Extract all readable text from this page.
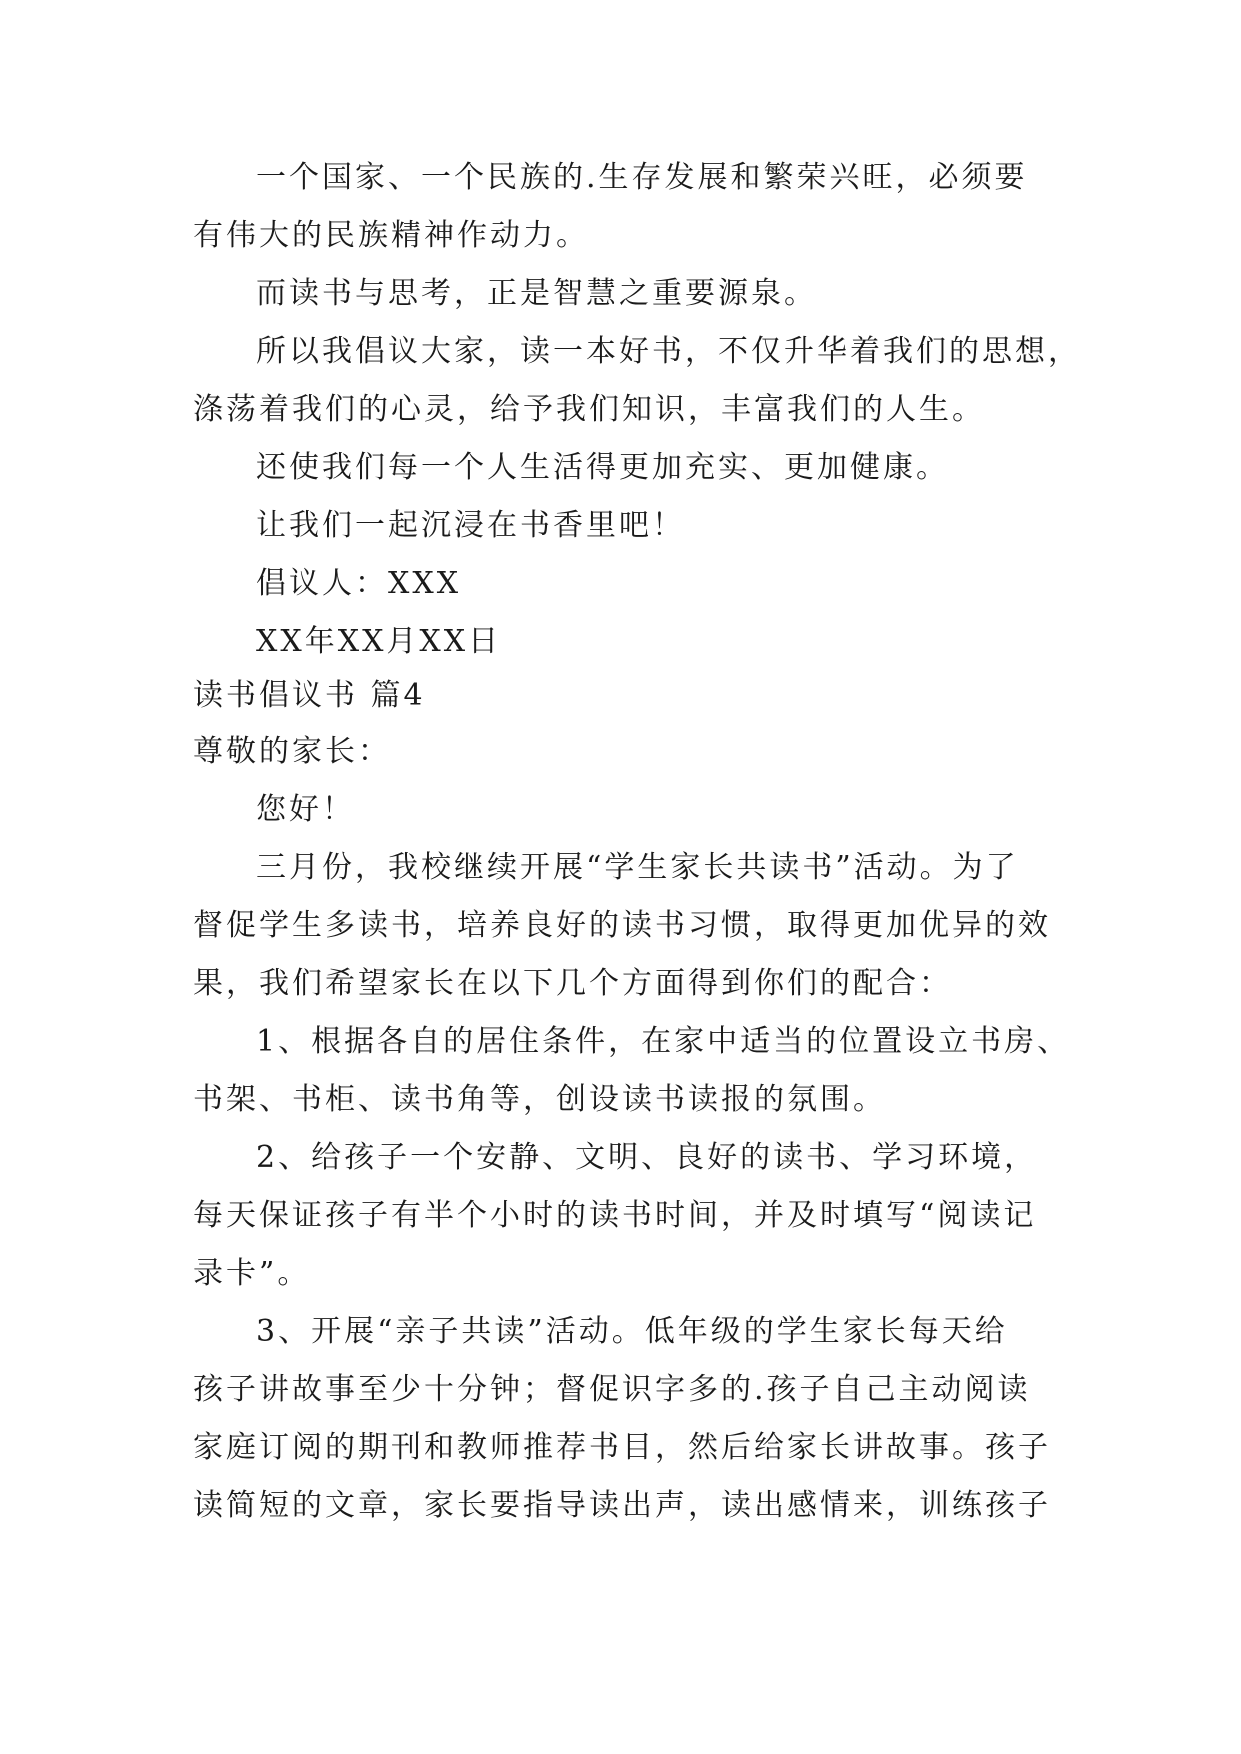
一个国家、一个民族的.生存发展和繁荣兴旺，必须要
有伟大的民族精神作动力。
而读书与思考，正是智慧之重要源泉。
所以我倡议大家，读一本好书，不仅升华着我们的思想，
涤荡着我们的心灵，给予我们知识，丰富我们的人生。
还使我们每一个人生活得更加充实、更加健康。
让我们一起沉浸在书香里吧！
倡议人：XXX
XX年XX月XX日
读书倡议书 篇4
尊敬的家长：
您好！
三月份，我校继续开展“学生家长共读书”活动。为了
督促学生多读书，培养良好的读书习惯，取得更加优异的效
果，我们希望家长在以下几个方面得到你们的配合：
1、根据各自的居住条件，在家中适当的位置设立书房、
书架、书柜、读书角等，创设读书读报的氛围。
2、给孩子一个安静、文明、良好的读书、学习环境，
每天保证孩子有半个小时的读书时间，并及时填写“阅读记
录卡”。
3、开展“亲子共读”活动。低年级的学生家长每天给
孩子讲故事至少十分钟；督促识字多的.孩子自己主动阅读
家庭订阅的期刊和教师推荐书目，然后给家长讲故事。孩子
读简短的文章，家长要指导读出声，读出感情来，训练孩子
